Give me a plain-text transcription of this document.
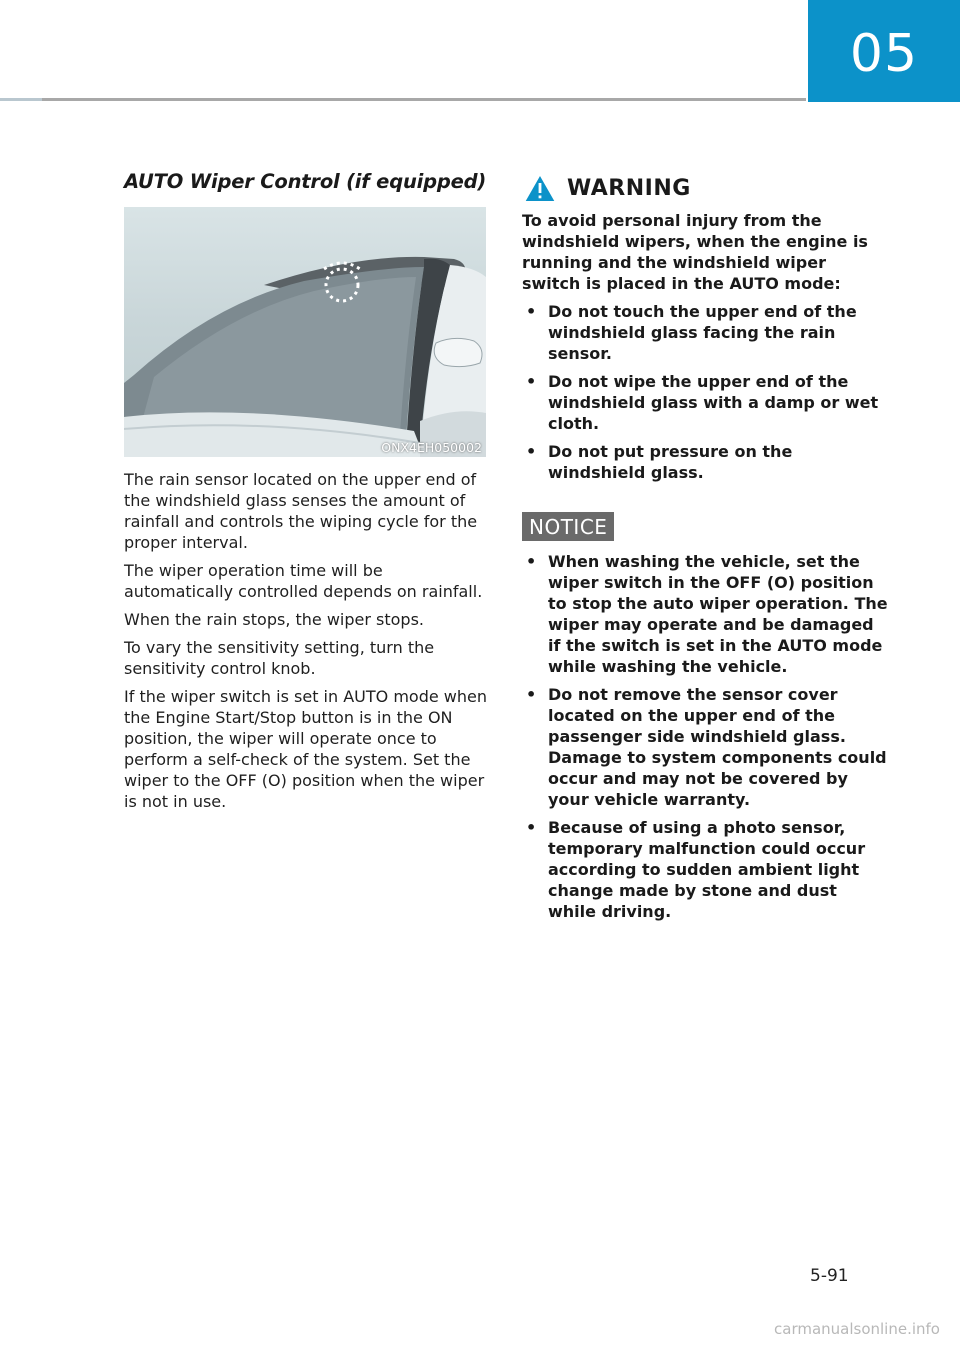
05
AUTO Wiper Control (if equipped)
ONX4EH050002

The rain sensor located on the upper end of the windshield glass senses the amount of rainfall and controls the wiping cycle for the proper interval.

The wiper operation time will be automatically controlled depends on rainfall.

When the rain stops, the wiper stops.

To vary the sensitivity setting, turn the sensitivity control knob.

If the wiper switch is set in AUTO mode when the Engine Start/Stop button is in the ON position, the wiper will operate once to perform a self-check of the system. Set the wiper to the OFF (O) position when the wiper is not in use.

WARNING

To avoid personal injury from the windshield wipers, when the engine is running and the windshield wiper switch is placed in the AUTO mode:

• Do not touch the upper end of the windshield glass facing the rain sensor.
• Do not wipe the upper end of the windshield glass with a damp or wet cloth.
• Do not put pressure on the windshield glass.
NOTICE
• When washing the vehicle, set the wiper switch in the OFF (O) position to stop the auto wiper operation. The wiper may operate and be damaged if the switch is set in the AUTO mode while washing the vehicle.
• Do not remove the sensor cover located on the upper end of the passenger side windshield glass. Damage to system components could occur and may not be covered by your vehicle warranty.
• Because of using a photo sensor, temporary malfunction could occur according to sudden ambient light change made by stone and dust while driving.
5-91
carmanualsonline.info
